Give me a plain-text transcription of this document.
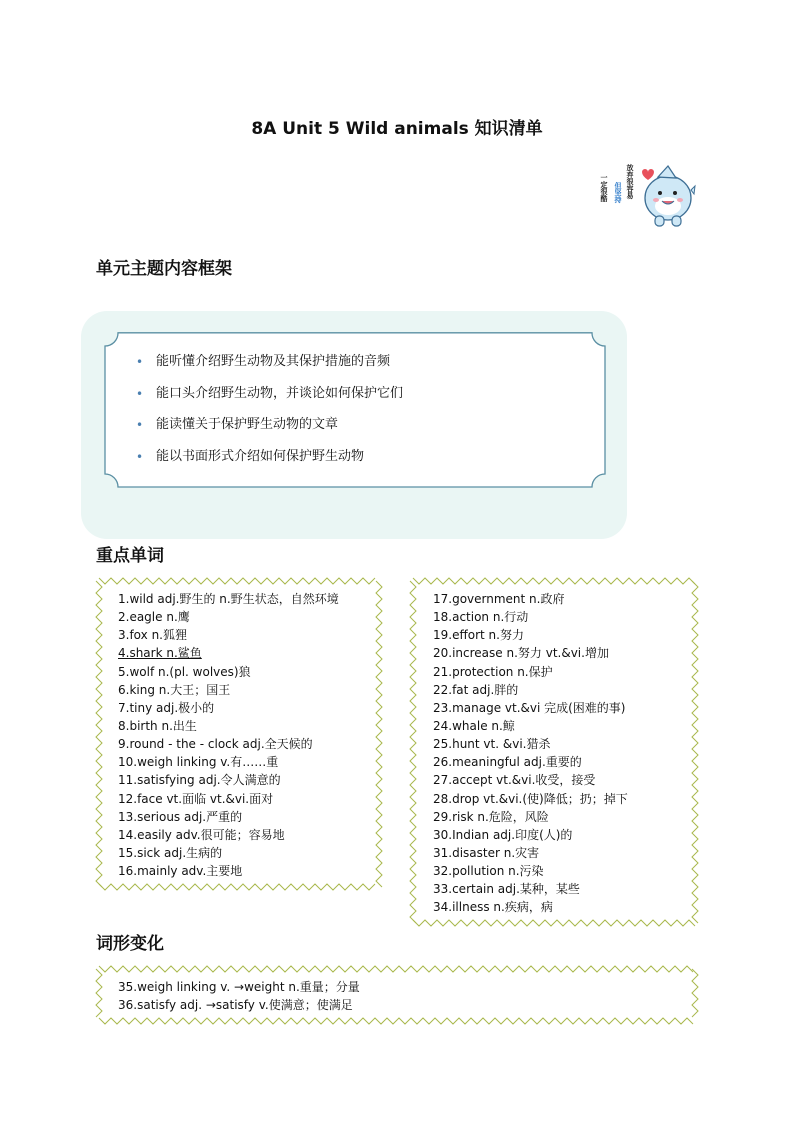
8A Unit 5 Wild animals 知识清单
一定很酷 但坚持 放弃很容易
单元主题内容框架
• 能听懂介绍野生动物及其保护措施的音频
• 能口头介绍野生动物，并谈论如何保护它们
• 能读懂关于保护野生动物的文章
• 能以书面形式介绍如何保护野生动物
重点单词
1.wild adj.野生的 n.野生状态，自然环境
2.eagle n.鹰
3.fox n.狐狸
4.shark n.鲨鱼
5.wolf n.(pl. wolves)狼
6.king n.大王；国王
7.tiny adj.极小的
8.birth n.出生
9.round - the - clock adj.全天候的
10.weigh linking v.有……重
11.satisfying adj.令人满意的
12.face vt.面临 vt.&vi.面对
13.serious adj.严重的
14.easily adv.很可能；容易地
15.sick adj.生病的
16.mainly adv.主要地
17.government n.政府
18.action n.行动
19.effort n.努力
20.increase n.努力 vt.&vi.增加
21.protection n.保护
22.fat adj.胖的
23.manage vt.&vi 完成(困难的事)
24.whale n.鲸
25.hunt vt. &vi.猎杀
26.meaningful adj.重要的
27.accept vt.&vi.收受，接受
28.drop vt.&vi.(使)降低；扔；掉下
29.risk n.危险，风险
30.Indian adj.印度(人)的
31.disaster n.灾害
32.pollution n.污染
33.certain adj.某种，某些
34.illness n.疾病，病
词形变化
35.weigh linking v. →weight n.重量；分量
36.satisfy adj. →satisfy v.使满意；使满足
